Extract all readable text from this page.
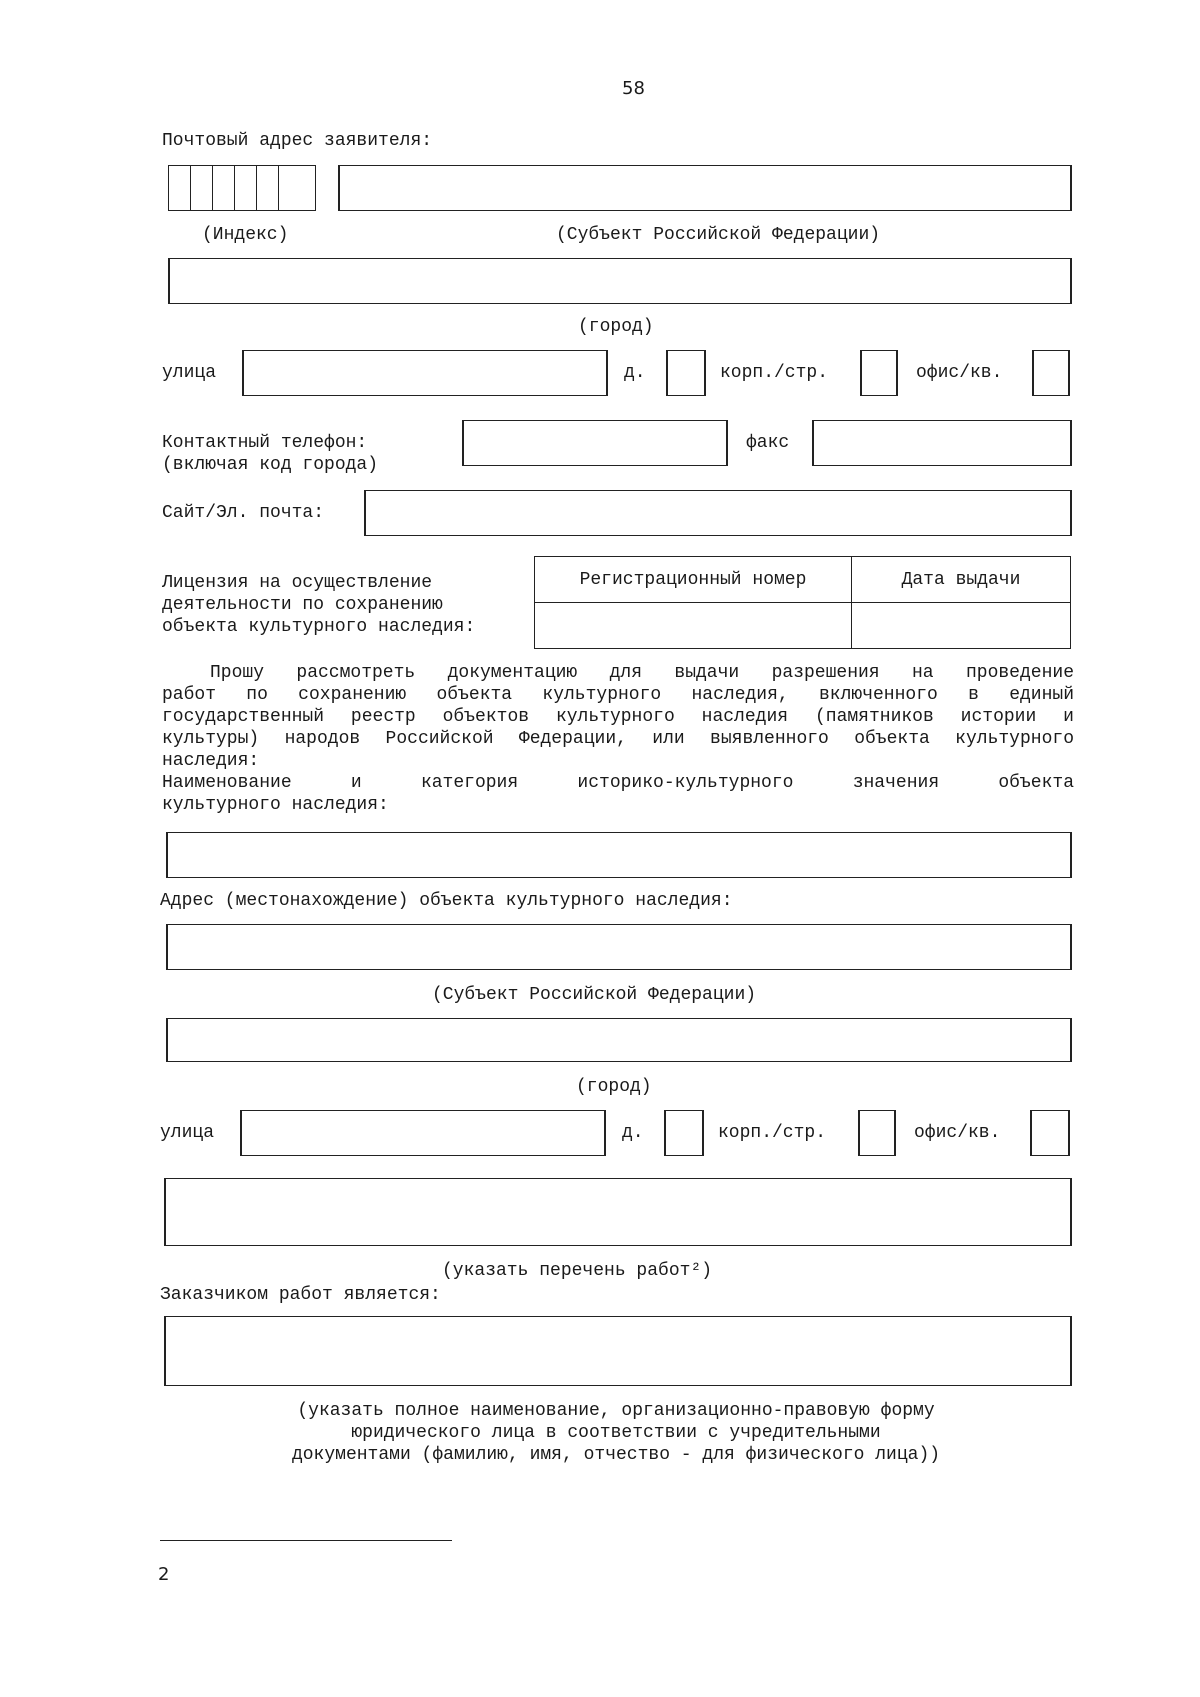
58
Почтовый адрес заявителя:
(Индекс)	(Субъект Российской Федерации)
(город)
улица	д.	корп./стр.	офис/кв.
Контактный телефон:
(включая код города)
факс
Сайт/Эл. почта:
Лицензия на осуществление
деятельности по сохранению
объекта культурного наследия:
Регистрационный номер	Дата выдачи

Прошу рассмотреть документацию для выдачи разрешения на проведение
работ по сохранению объекта культурного наследия, включенного в единый
государственный реестр объектов культурного наследия (памятников истории и
культуры) народов Российской Федерации, или выявленного объекта культурного
наследия:
Наименование и категория историко-культурного значения объекта
культурного наследия:
Адрес (местонахождение) объекта культурного наследия:
(Субъект Российской Федерации)
(город)
улица	д.	корп./стр.	офис/кв.
(указать перечень работ²)
Заказчиком работ является:
(указать полное наименование, организационно-правовую форму
юридического лица в соответствии с учредительными
документами (фамилию, имя, отчество - для физического лица))
2
